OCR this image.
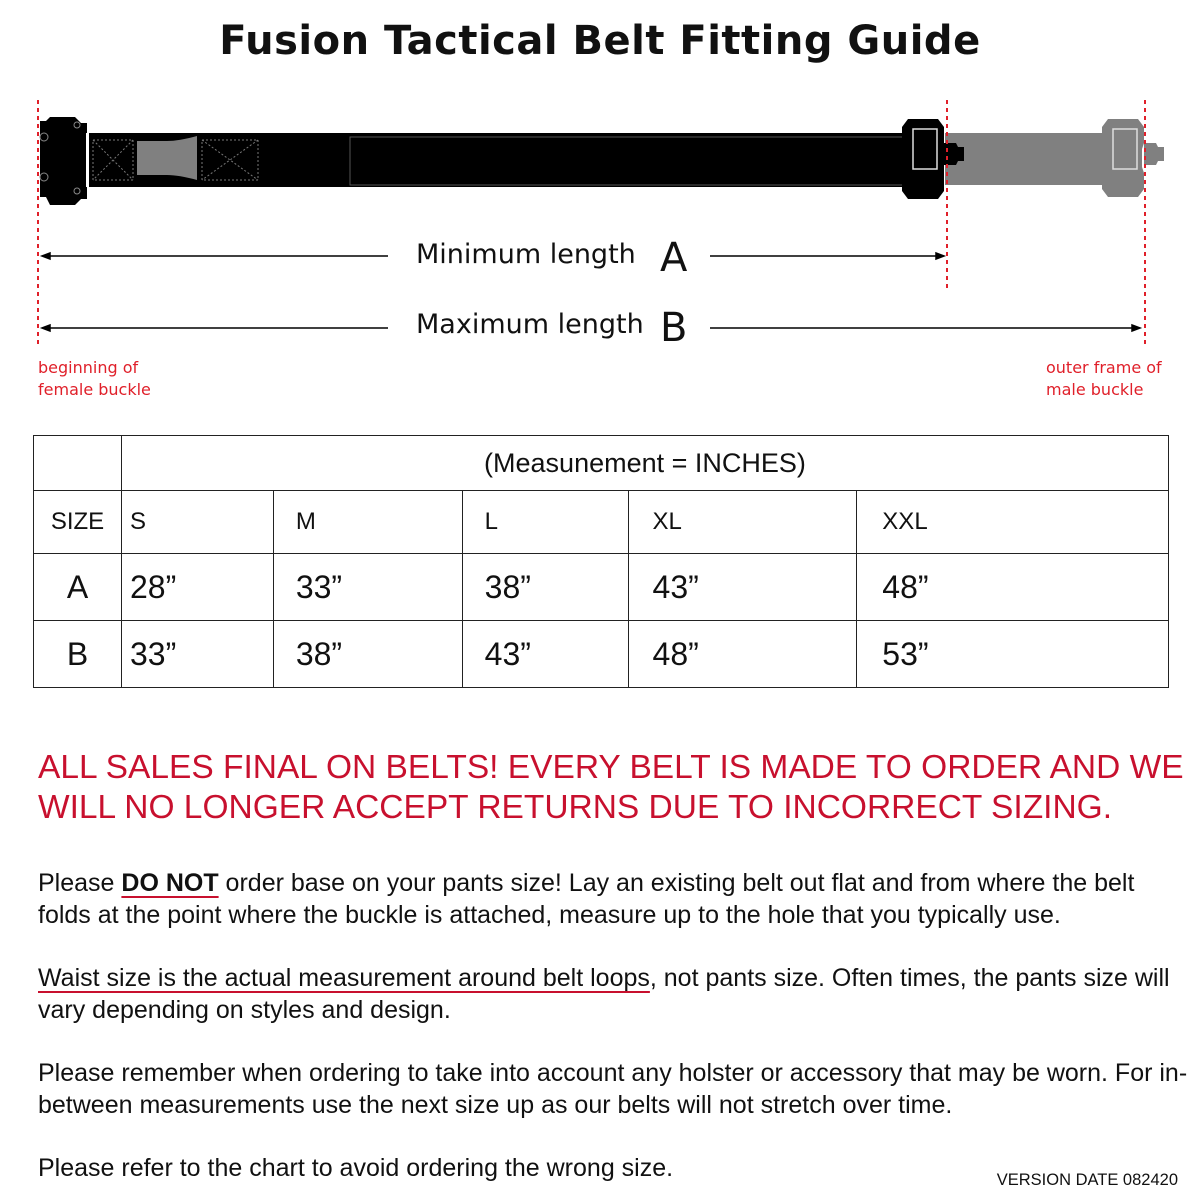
Fusion Tactical Belt Fitting Guide
Minimum length A
Maximum length B
beginning of
female buckle
outer frame of
male buckle
	(Measunement = INCHES)				
SIZE	S	M	L	XL	XXL
A	28”	33”	38”	43”	48”
B	33”	38”	43”	48”	53”
ALL SALES FINAL ON BELTS! EVERY BELT IS MADE TO ORDER AND WE WILL NO LONGER ACCEPT RETURNS DUE TO INCORRECT SIZING.
Please DO NOT order base on your pants size! Lay an existing belt out flat and from where the belt folds at the point where the buckle is attached, measure up to the hole that you typically use.
Waist size is the actual measurement around belt loops, not pants size. Often times, the pants size will vary depending on styles and design.
Please remember when ordering to take into account any holster or accessory that may be worn. For in-between measurements use the next size up as our belts will not stretch over time.
Please refer to the chart to avoid ordering the wrong size.	VERSION DATE 082420
